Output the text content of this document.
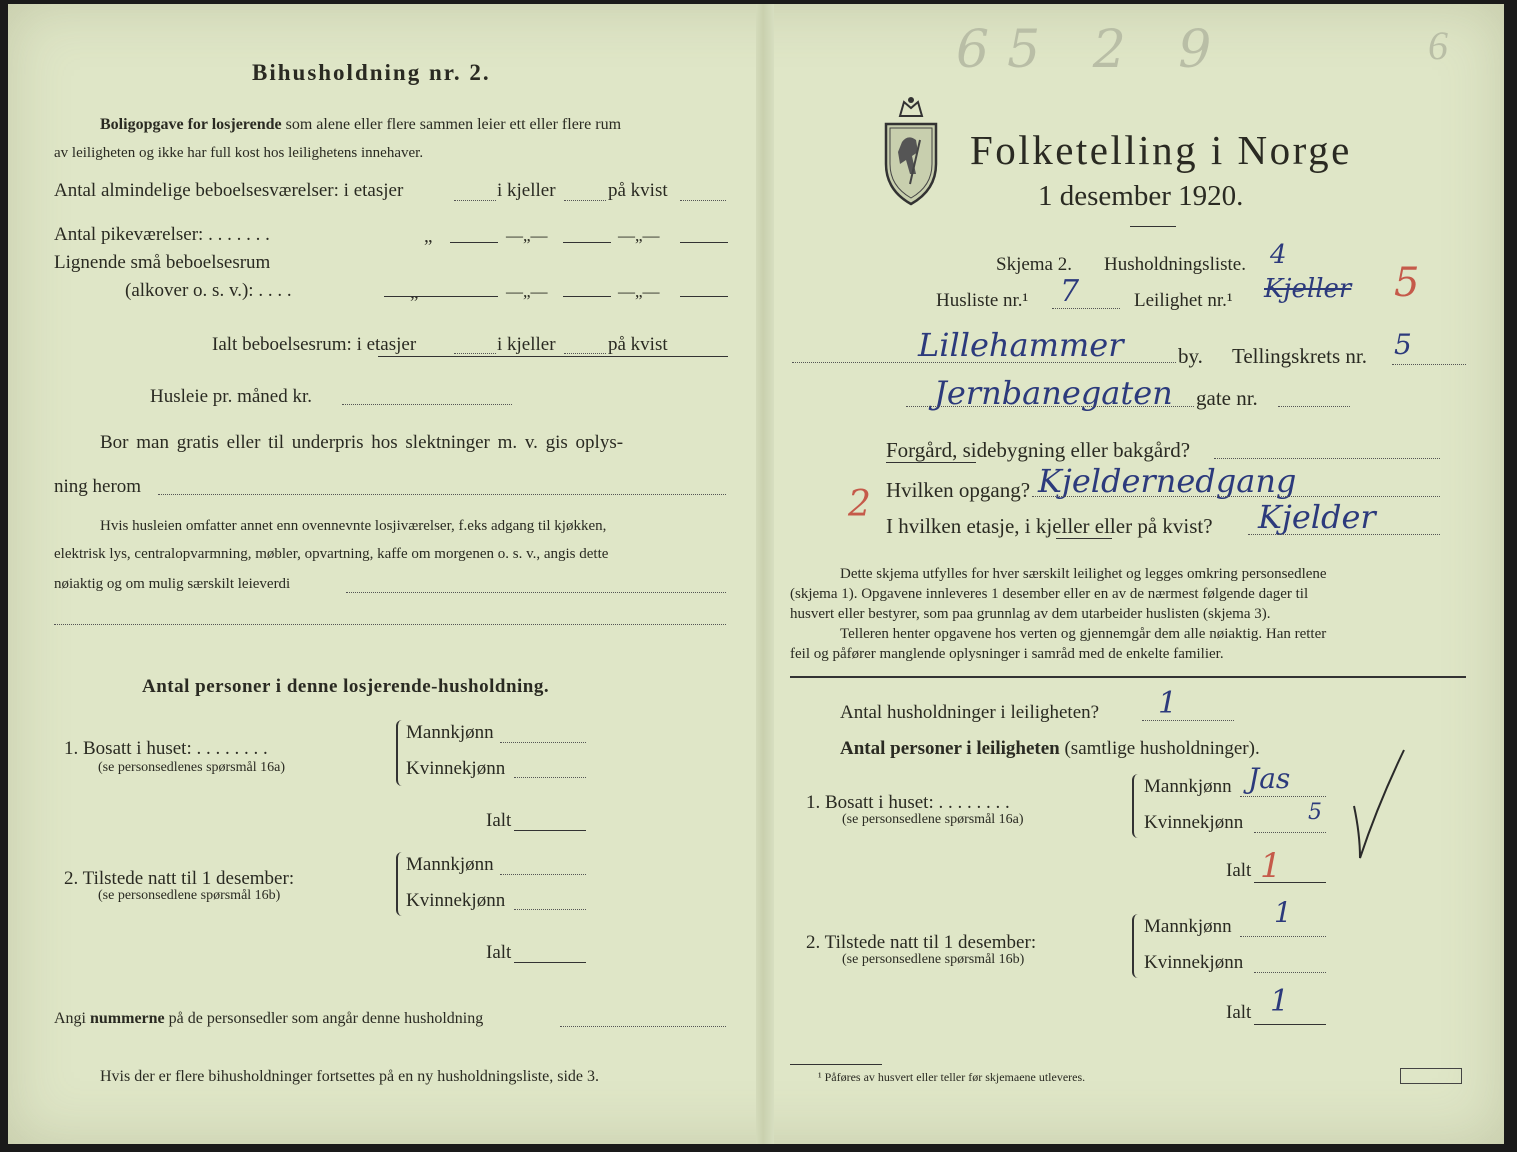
Bihusholdning nr. 2.
Boligopgave for losjerende som alene eller flere sammen leier ett eller flere rum
av leiligheten og ikke har full kost hos leilighetens innehaver.
Antal almindelige beboelsesværelser: i etasjer	i kjeller	på kvist
Antal pikeværelser: . . . . . . .	„	—„—	—„—
Lignende små beboelsesrum
(alkover o. s. v.): . . . .	„	—„—	—„—
Ialt beboelsesrum: i etasjer	i kjeller	på kvist
Husleie pr. måned kr.
Bor man gratis eller til underpris hos slektninger m. v. gis oplys-
ning herom
Hvis husleien omfatter annet enn ovennevnte losjiværelser, f.eks adgang til kjøkken,
elektrisk lys, centralopvarmning, møbler, opvartning, kaffe om morgenen o. s. v., angis dette
nøiaktig og om mulig særskilt leieverdi
Antal personer i denne losjerende-husholdning.
1. Bosatt i huset: . . . . . . . .
(se personsedlenes spørsmål 16a)
Mannkjønn
Kvinnekjønn
Ialt
2. Tilstede natt til 1 desember:
(se personsedlene spørsmål 16b)
Mannkjønn
Kvinnekjønn
Ialt
Angi nummerne på de personsedler som angår denne husholdning
Hvis der er flere bihusholdninger fortsettes på en ny husholdningsliste, side 3.
65 2 9	6
Folketelling i Norge
1 desember 1920.
Skjema 2. Husholdningsliste. 4
Husliste nr.¹ 7	Leilighet nr.¹ Kjeller 5
Lillehammer	by. Tellingskrets nr. 5
Jernbanegaten gate nr.
Forgård, sidebygning eller bakgård?
Hvilken opgang? Kjeldernedgang
2
I hvilken etasje, i kjeller eller på kvist? Kjelder
Dette skjema utfylles for hver særskilt leilighet og legges omkring personsedlene
(skjema 1). Opgavene innleveres 1 desember eller en av de nærmest følgende dager til
husvert eller bestyrer, som paa grunnlag av dem utarbeider huslisten (skjema 3).
Telleren henter opgavene hos verten og gjennemgår dem alle nøiaktig. Han retter
feil og påfører manglende oplysninger i samråd med de enkelte familier.
Antal husholdninger i leiligheten? 1
Antal personer i leiligheten (samtlige husholdninger).
1. Bosatt i huset: . . . . . . . .
(se personsedlene spørsmål 16a)
Mannkjønn Jas
Kvinnekjønn	5
Ialt 1
2. Tilstede natt til 1 desember:
(se personsedlene spørsmål 16b)
Mannkjønn 1
Kvinnekjønn
Ialt 1
¹ Påføres av husvert eller teller før skjemaene utleveres.
